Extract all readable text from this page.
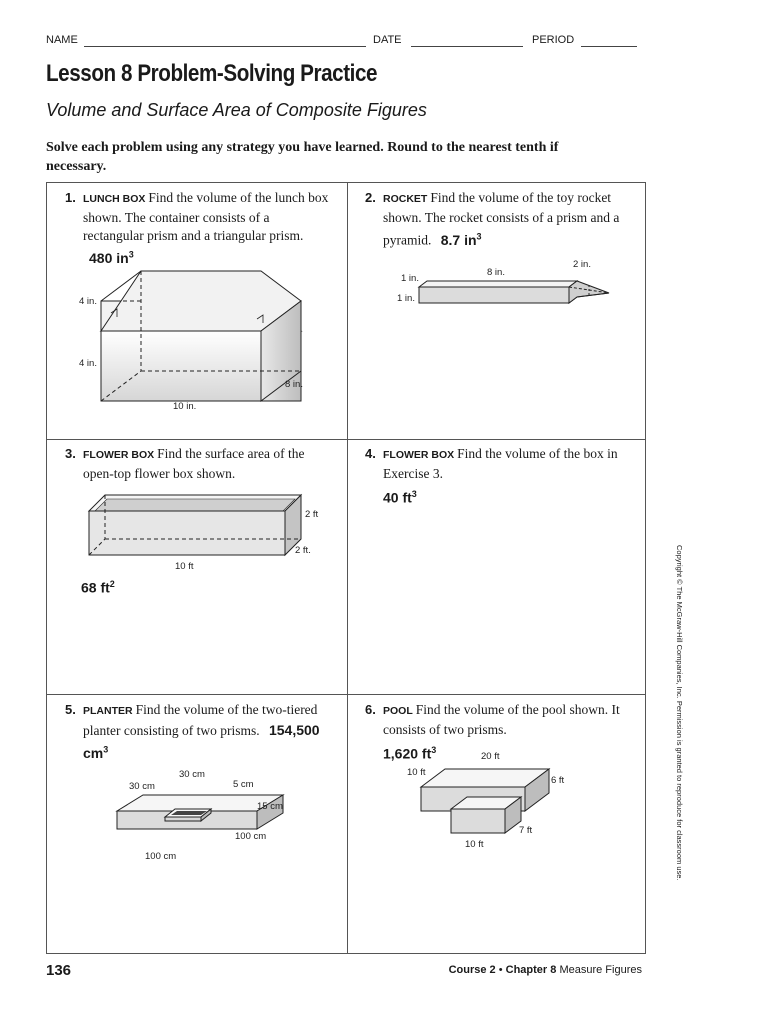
NAME	DATE	PERIOD
Lesson 8 Problem-Solving Practice
Volume and Surface Area of Composite Figures
Solve each problem using any strategy you have learned. Round to the nearest tenth if necessary.
1. LUNCH BOX Find the volume of the lunch box shown. The container consists of a rectangular prism and a triangular prism. 480 $in^3$
4 in.
4 in.
8 in.
10 in.
2. ROCKET Find the volume of the toy rocket shown. The rocket consists of a prism and a pyramid. 8.7 $in^3$
2 in.
8 in.
1 in.
1 in.
3. FLOWER BOX Find the surface area of the open-top flower box shown.
2 ft
2 ft.
10 ft
68 $ft^2$
4. FLOWER BOX Find the volume of the box in Exercise 3.
40 $ft^3$
5. PLANTER Find the volume of the two-tiered planter consisting of two prisms. 154,500 $cm^3$
30 cm
30 cm	5 cm
15 cm
100 cm
100 cm
6. POOL Find the volume of the pool shown. It consists of two prisms.
1,620 $ft^3$
20 ft
10 ft
6 ft
7 ft
10 ft	Copyright © The McGraw-Hill Companies, Inc. Permission is granted to reproduce for classroom use.
136	Course 2 • Chapter 8 Measure Figures
